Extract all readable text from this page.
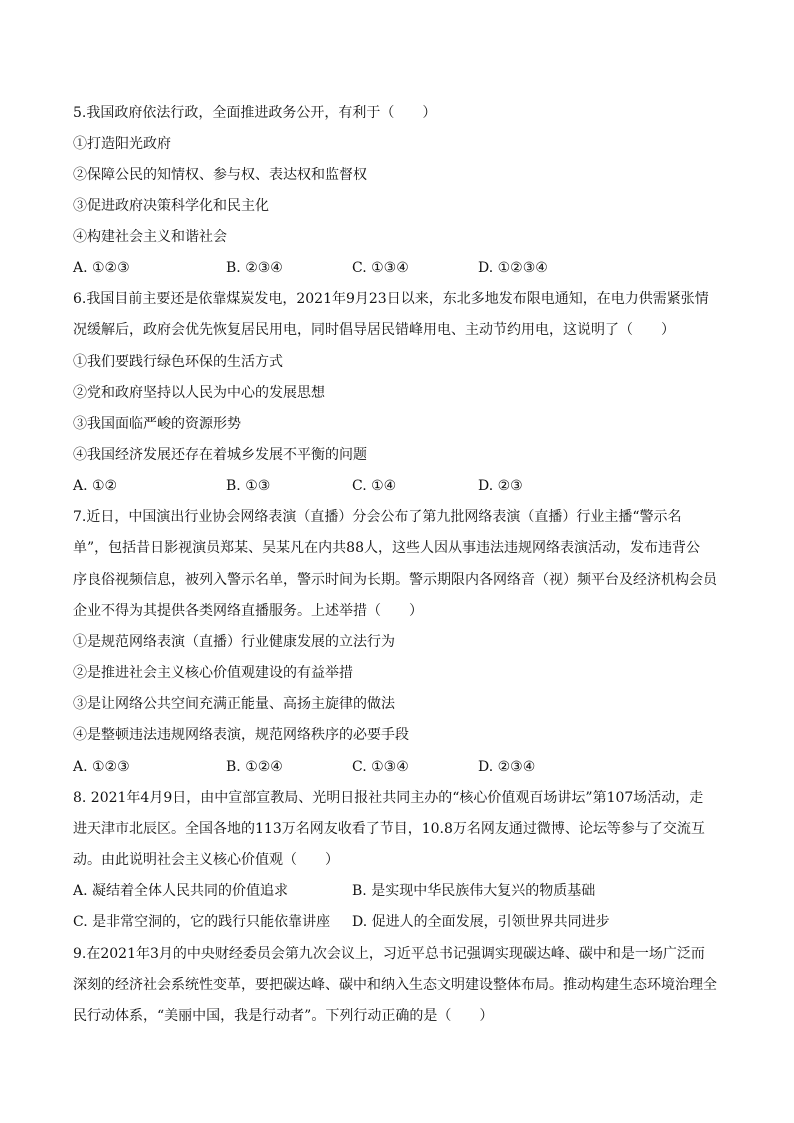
5.我国政府依法行政，全面推进政务公开，有利于（　　）
①打造阳光政府
②保障公民的知情权、参与权、表达权和监督权
③促进政府决策科学化和民主化
④构建社会主义和谐社会
A. ①②③	B. ②③④	C. ①③④	D. ①②③④
6.我国目前主要还是依靠煤炭发电，2021年9月23日以来，东北多地发布限电通知，在电力供需紧张情
况缓解后，政府会优先恢复居民用电，同时倡导居民错峰用电、主动节约用电，这说明了（　　）
①我们要践行绿色环保的生活方式
②党和政府坚持以人民为中心的发展思想
③我国面临严峻的资源形势
④我国经济发展还存在着城乡发展不平衡的问题
A. ①②	B. ①③	C. ①④	D. ②③
7.近日，中国演出行业协会网络表演（直播）分会公布了第九批网络表演（直播）行业主播“警示名
单”，包括昔日影视演员郑某、吴某凡在内共88人，这些人因从事违法违规网络表演活动，发布违背公
序良俗视频信息，被列入警示名单，警示时间为长期。警示期限内各网络音（视）频平台及经济机构会员
企业不得为其提供各类网络直播服务。上述举措（　　）
①是规范网络表演（直播）行业健康发展的立法行为
②是推进社会主义核心价值观建设的有益举措
③是让网络公共空间充满正能量、高扬主旋律的做法
④是整顿违法违规网络表演，规范网络秩序的必要手段
A. ①②③	B. ①②④	C. ①③④	D. ②③④
8. 2021年4月9日，由中宣部宣教局、光明日报社共同主办的“核心价值观百场讲坛”第107场活动，走
进天津市北辰区。全国各地的113万名网友收看了节目，10.8万名网友通过微博、论坛等参与了交流互
动。由此说明社会主义核心价值观（　　）
A. 凝结着全体人民共同的价值追求	B. 是实现中华民族伟大复兴的物质基础
C. 是非常空洞的，它的践行只能依靠讲座 D. 促进人的全面发展，引领世界共同进步
9.在2021年3月的中央财经委员会第九次会议上，习近平总书记强调实现碳达峰、碳中和是一场广泛而
深刻的经济社会系统性变革，要把碳达峰、碳中和纳入生态文明建设整体布局。推动构建生态环境治理全
民行动体系，“美丽中国，我是行动者”。下列行动正确的是（　　）
